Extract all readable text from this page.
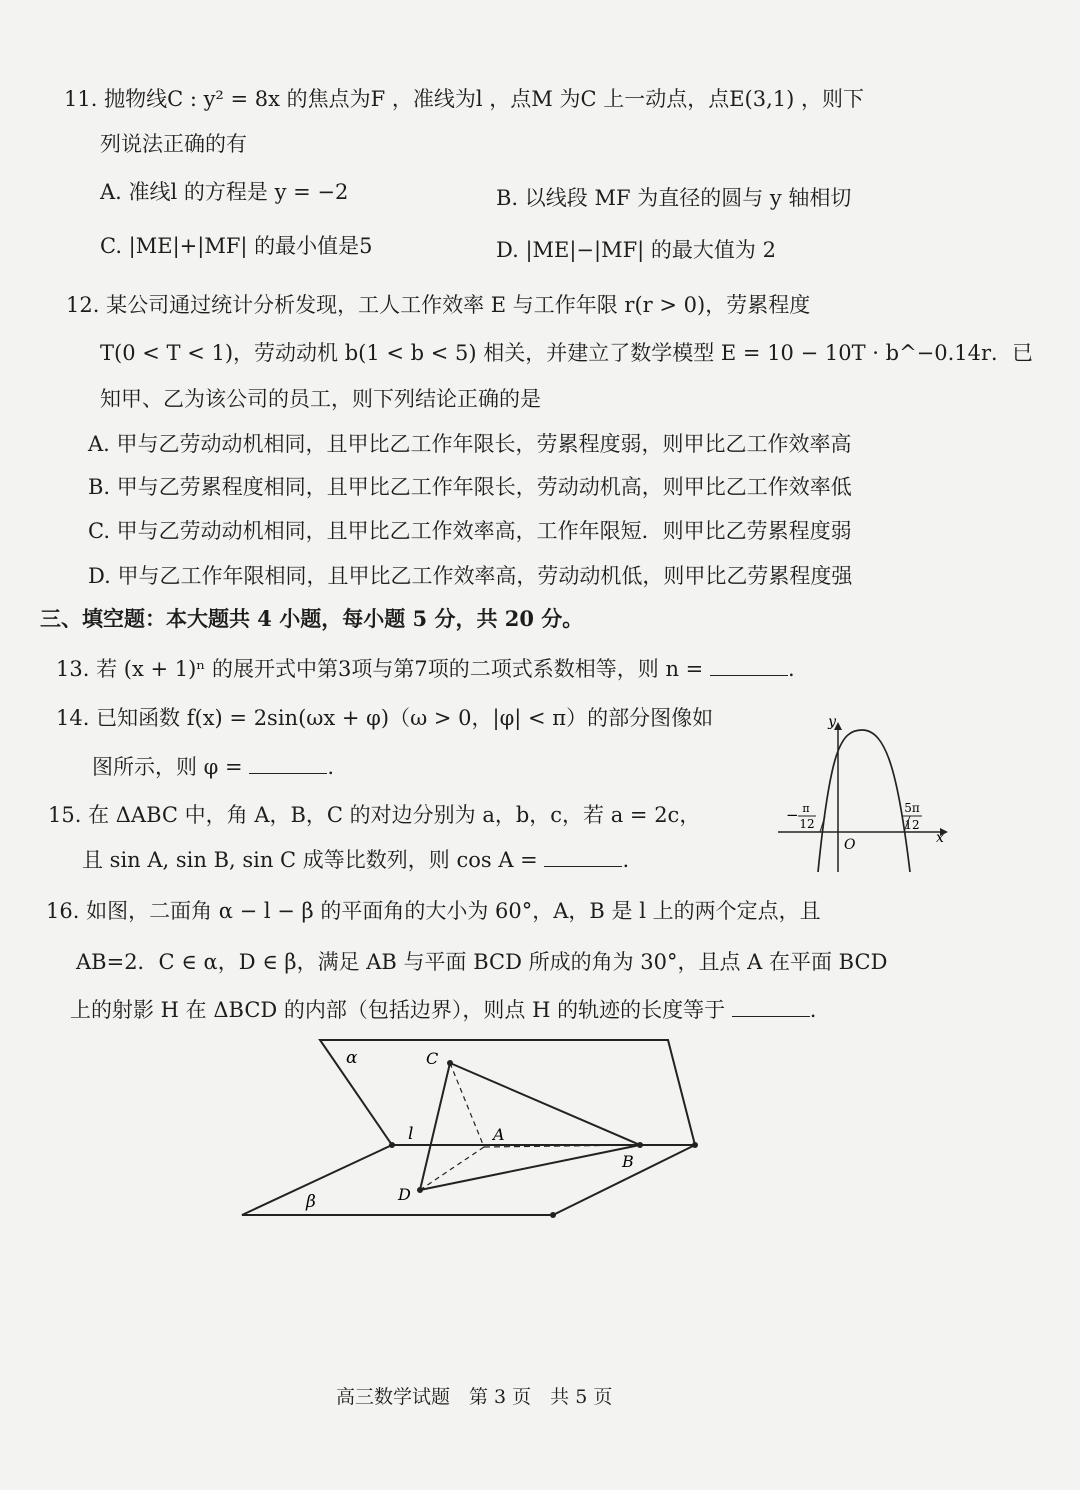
11. 抛物线C : y² = 8x 的焦点为F ，准线为l ，点M 为C 上一动点，点E(3,1) ，则下
列说法正确的有
A. 准线l 的方程是 y = −2	B. 以线段 MF 为直径的圆与 y 轴相切
C. |ME|+|MF| 的最小值是5	D. |ME|−|MF| 的最大值为 2
12. 某公司通过统计分析发现，工人工作效率 E 与工作年限 r(r > 0)，劳累程度
T(0 < T < 1)，劳动动机 b(1 < b < 5) 相关，并建立了数学模型 E = 10 − 10T · b^−0.14r．已
知甲、乙为该公司的员工，则下列结论正确的是
A. 甲与乙劳动动机相同，且甲比乙工作年限长，劳累程度弱，则甲比乙工作效率高
B. 甲与乙劳累程度相同，且甲比乙工作年限长，劳动动机高，则甲比乙工作效率低
C. 甲与乙劳动动机相同，且甲比乙工作效率高，工作年限短．则甲比乙劳累程度弱
D. 甲与乙工作年限相同，且甲比乙工作效率高，劳动动机低，则甲比乙劳累程度强
三、填空题：本大题共 4 小题，每小题 5 分，共 20 分。
13. 若 (x + 1)ⁿ 的展开式中第3项与第7项的二项式系数相等，则 n =	.
14. 已知函数 f(x) = 2sin(ωx + φ)（ω > 0，|φ| < π）的部分图像如
图所示，则 φ =	.
15. 在 ΔABC 中，角 A，B，C 的对边分别为 a，b，c，若 a = 2c，
且 sin A, sin B, sin C 成等比数列，则 cos A =	.
16. 如图，二面角 α − l − β 的平面角的大小为 60°，A，B 是 l 上的两个定点，且
AB=2．C ∈ α，D ∈ β，满足 AB 与平面 BCD 所成的角为 30°，且点 A 在平面 BCD
上的射影 H 在 ΔBCD 的内部（包括边界），则点 H 的轨迹的长度等于	.
y
x
O
− π
12
5π
12
α
β
l	A
B
C
D
高三数学试题　第 3 页　共 5 页
